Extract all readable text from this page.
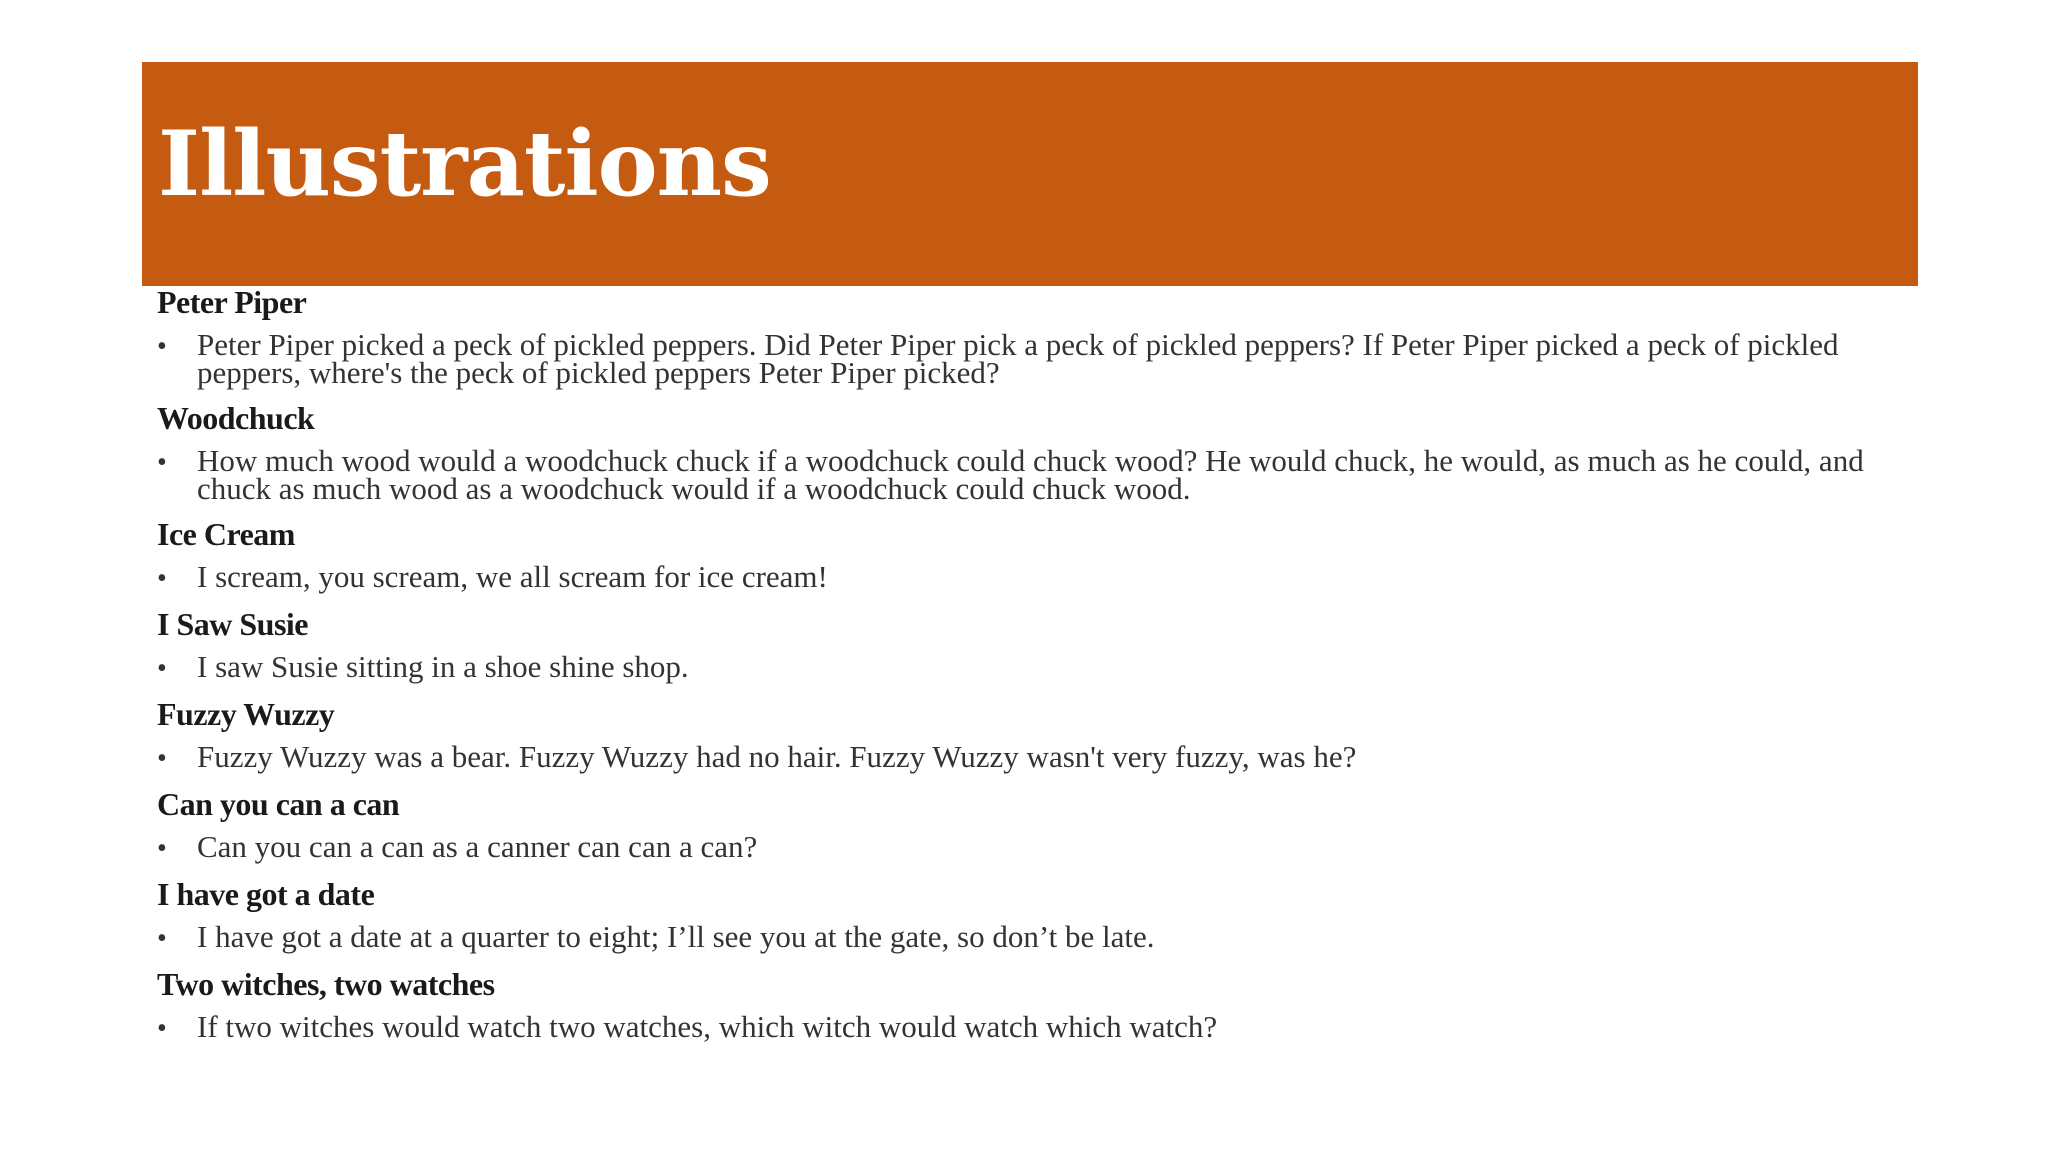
Illustrations
Peter Piper
• Peter Piper picked a peck of pickled peppers. Did Peter Piper pick a peck of pickled peppers? If Peter Piper picked a peck of pickled peppers, where's the peck of pickled peppers Peter Piper picked?
Woodchuck
• How much wood would a woodchuck chuck if a woodchuck could chuck wood? He would chuck, he would, as much as he could, and chuck as much wood as a woodchuck would if a woodchuck could chuck wood.
Ice Cream
• I scream, you scream, we all scream for ice cream!
I Saw Susie
• I saw Susie sitting in a shoe shine shop.
Fuzzy Wuzzy
• Fuzzy Wuzzy was a bear. Fuzzy Wuzzy had no hair. Fuzzy Wuzzy wasn't very fuzzy, was he?
Can you can a can
• Can you can a can as a canner can can a can?
I have got a date
• I have got a date at a quarter to eight; I’ll see you at the gate, so don’t be late.
Two witches, two watches
• If two witches would watch two watches, which witch would watch which watch?
